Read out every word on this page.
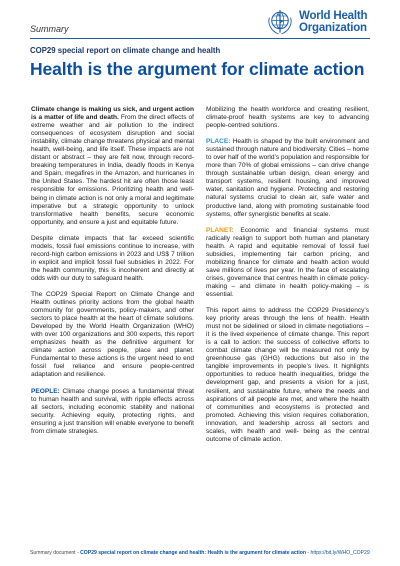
World Health
Organization
Summary
COP29 special report on climate change and health
Health is the argument for climate action

Climate change is making us sick, and urgent action is a matter of life and death. From the direct effects of extreme weather and air pollution to the indirect consequences of ecosystem disruption and social instability, climate change threatens physical and mental health, well-being, and life itself. These impacts are not distant or abstract – they are felt now, through record-breaking temperatures in India, deadly floods in Kenya and Spain, megafires in the Amazon, and hurricanes in the United States. The hardest hit are often those least responsible for emissions. Prioritizing health and well-being in climate action is not only a moral and legitimate imperative but a strategic opportunity to unlock transformative health benefits, secure economic opportunity, and ensure a just and equitable future.

Despite climate impacts that far exceed scientific models, fossil fuel emissions continue to increase, with record-high carbon emissions in 2023 and US$ 7 trillion in explicit and implicit fossil fuel subsidies in 2022. For the health community, this is incoherent and directly at odds with our duty to safeguard health.

The COP29 Special Report on Climate Change and Health outlines priority actions from the global health community for governments, policy-makers, and other sectors to place health at the heart of climate solutions. Developed by the World Health Organization (WHO) with over 100 organizations and 300 experts, this report emphasizes health as the definitive argument for climate action across people, place and planet. Fundamental to these actions is the urgent need to end fossil fuel reliance and ensure people-centred adaptation and resilience.

PEOPLE: Climate change poses a fundamental threat to human health and survival, with ripple effects across all sectors, including economic stability and national security. Achieving equity, protecting rights, and ensuring a just transition will enable everyone to benefit from climate strategies.

Mobilizing the health workforce and creating resilient, climate-proof health systems are key to advancing people-centred solutions.

PLACE: Health is shaped by the built environment and sustained through nature and biodiversity. Cities – home to over half of the world’s population and responsible for more than 70% of global emissions – can drive change through sustainable urban design, clean energy and transport systems, resilient housing, and improved water, sanitation and hygiene. Protecting and restoring natural systems crucial to clean air, safe water and productive land, along with promoting sustainable food systems, offer synergistic benefits at scale.

PLANET: Economic and financial systems must radically realign to support both human and planetary health. A rapid and equitable removal of fossil fuel subsidies, implementing fair carbon pricing, and mobilizing finance for climate and health action would save millions of lives per year. In the face of escalating crises, governance that centres health in climate policy-making – and climate in health policy-making – is essential.

This report aims to address the COP29 Presidency’s key priority areas through the lens of health. Health must not be sidelined or siloed in climate negotiations – it is the lived experience of climate change. This report is a call to action: the success of collective efforts to combat climate change will be measured not only by greenhouse gas (GHG) reductions but also in the tangible improvements in people’s lives. It highlights opportunities to reduce health inequalities, bridge the development gap, and presents a vision for a just, resilient, and sustainable future, where the needs and aspirations of all people are met, and where the health of communities and ecosystems is protected and promoted. Achieving this vision requires collaboration, innovation, and leadership across all sectors and scales, with health and well- being as the central outcome of climate action.

Summary document - COP29 special report on climate change and health: Health is the argument for climate action - https://bit.ly/WHO_COP29
